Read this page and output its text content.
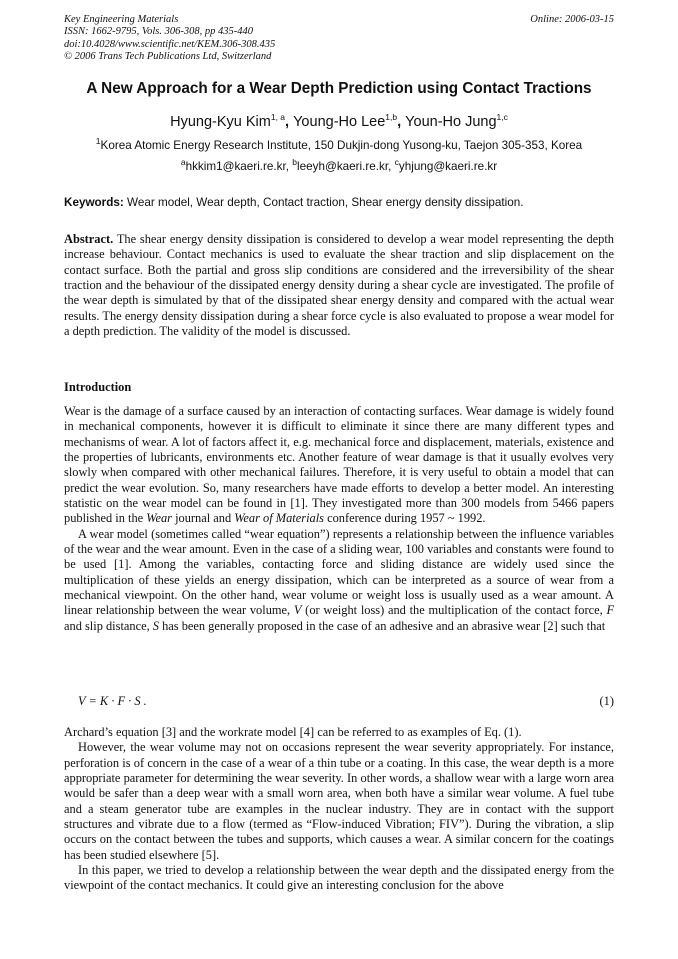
Key Engineering Materials
ISSN: 1662-9795, Vols. 306-308, pp 435-440
doi:10.4028/www.scientific.net/KEM.306-308.435
© 2006 Trans Tech Publications Ltd, Switzerland
Online: 2006-03-15
A New Approach for a Wear Depth Prediction using Contact Tractions
Hyung-Kyu Kim$^{1, a}$, Young-Ho Lee$^{1,b}$, Youn-Ho Jung$^{1,c}$
$^1$Korea Atomic Energy Research Institute, 150 Dukjin-dong Yusong-ku, Taejon 305-353, Korea
$^a$hkkim1@kaeri.re.kr, $^b$leeyh@kaeri.re.kr, $^c$yhjung@kaeri.re.kr
Keywords: Wear model, Wear depth, Contact traction, Shear energy density dissipation.
Abstract. The shear energy density dissipation is considered to develop a wear model representing the depth increase behaviour. Contact mechanics is used to evaluate the shear traction and slip displacement on the contact surface. Both the partial and gross slip conditions are considered and the irreversibility of the shear traction and the behaviour of the dissipated energy density during a shear cycle are investigated. The profile of the wear depth is simulated by that of the dissipated shear energy density and compared with the actual wear results. The energy density dissipation during a shear force cycle is also evaluated to propose a wear model for a depth prediction. The validity of the model is discussed.
Introduction

Wear is the damage of a surface caused by an interaction of contacting surfaces. Wear damage is widely found in mechanical components, however it is difficult to eliminate it since there are many different types and mechanisms of wear. A lot of factors affect it, e.g. mechanical force and displacement, materials, existence and the properties of lubricants, environments etc. Another feature of wear damage is that it usually evolves very slowly when compared with other mechanical failures. Therefore, it is very useful to obtain a model that can predict the wear evolution. So, many researchers have made efforts to develop a better model. An interesting statistic on the wear model can be found in [1]. They investigated more than 300 models from 5466 papers published in the Wear journal and Wear of Materials conference during 1957 ~ 1992.

A wear model (sometimes called “wear equation”) represents a relationship between the influence variables of the wear and the wear amount. Even in the case of a sliding wear, 100 variables and constants were found to be used [1]. Among the variables, contacting force and sliding distance are widely used since the multiplication of these yields an energy dissipation, which can be interpreted as a source of wear from a mechanical viewpoint. On the other hand, wear volume or weight loss is usually used as a wear amount. A linear relationship between the wear volume, V (or weight loss) and the multiplication of the contact force, F and slip distance, S has been generally proposed in the case of an adhesive and an abrasive wear [2] such that

V = K · F · S .	(1)

Archard’s equation [3] and the workrate model [4] can be referred to as examples of Eq. (1).

However, the wear volume may not on occasions represent the wear severity appropriately. For instance, perforation is of concern in the case of a wear of a thin tube or a coating. In this case, the wear depth is a more appropriate parameter for determining the wear severity. In other words, a shallow wear with a large worn area would be safer than a deep wear with a small worn area, when both have a similar wear volume. A fuel tube and a steam generator tube are examples in the nuclear industry. They are in contact with the support structures and vibrate due to a flow (termed as “Flow-induced Vibration; FIV”). During the vibration, a slip occurs on the contact between the tubes and supports, which causes a wear. A similar concern for the coatings has been studied elsewhere [5].

In this paper, we tried to develop a relationship between the wear depth and the dissipated energy from the viewpoint of the contact mechanics. It could give an interesting conclusion for the above
